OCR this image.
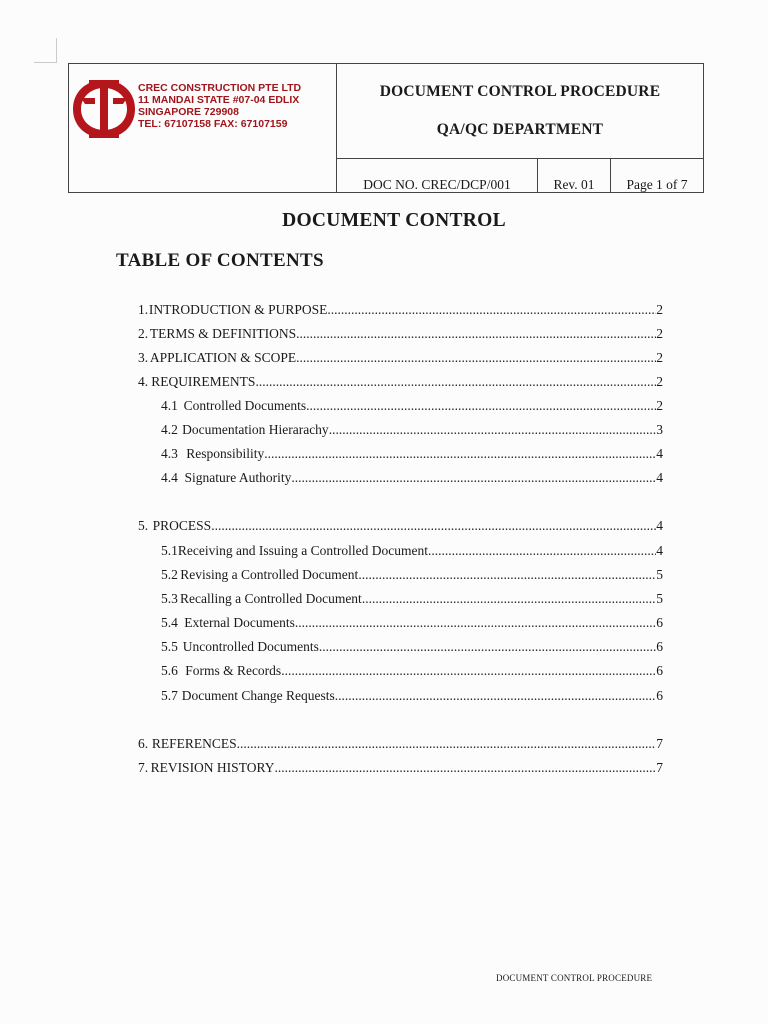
CREC CONSTRUCTION PTE LTD
11 MANDAI STATE #07-04 EDLIX
SINGAPORE 729908
TEL: 67107158 FAX: 67107159
DOCUMENT CONTROL PROCEDURE
QA/QC DEPARTMENT
DOC NO. CREC/DCP/001	Rev. 01	Page 1 of 7
DOCUMENT CONTROL
TABLE OF CONTENTS
1. INTRODUCTION & PURPOSE .....	2
2. TERMS & DEFINITIONS .....	2
3. APPLICATION & SCOPE .....	2
4. REQUIREMENTS .....	2
4.1 Controlled Documents .....	2
4.2 Documentation Hierarachy .....	3
4.3 Responsibility .....	4
4.4 Signature Authority .....	4
5. PROCESS .....	4
5.1 Receiving and Issuing a Controlled Document .....	4
5.2 Revising a Controlled Document .....	5
5.3 Recalling a Controlled Document .....	5
5.4 External Documents .....	6
5.5 Uncontrolled Documents .....	6
5.6 Forms & Records .....	6
5.7 Document Change Requests .....	6
6. REFERENCES .....	7
7. REVISION HISTORY .....	7
DOCUMENT CONTROL PROCEDURE
